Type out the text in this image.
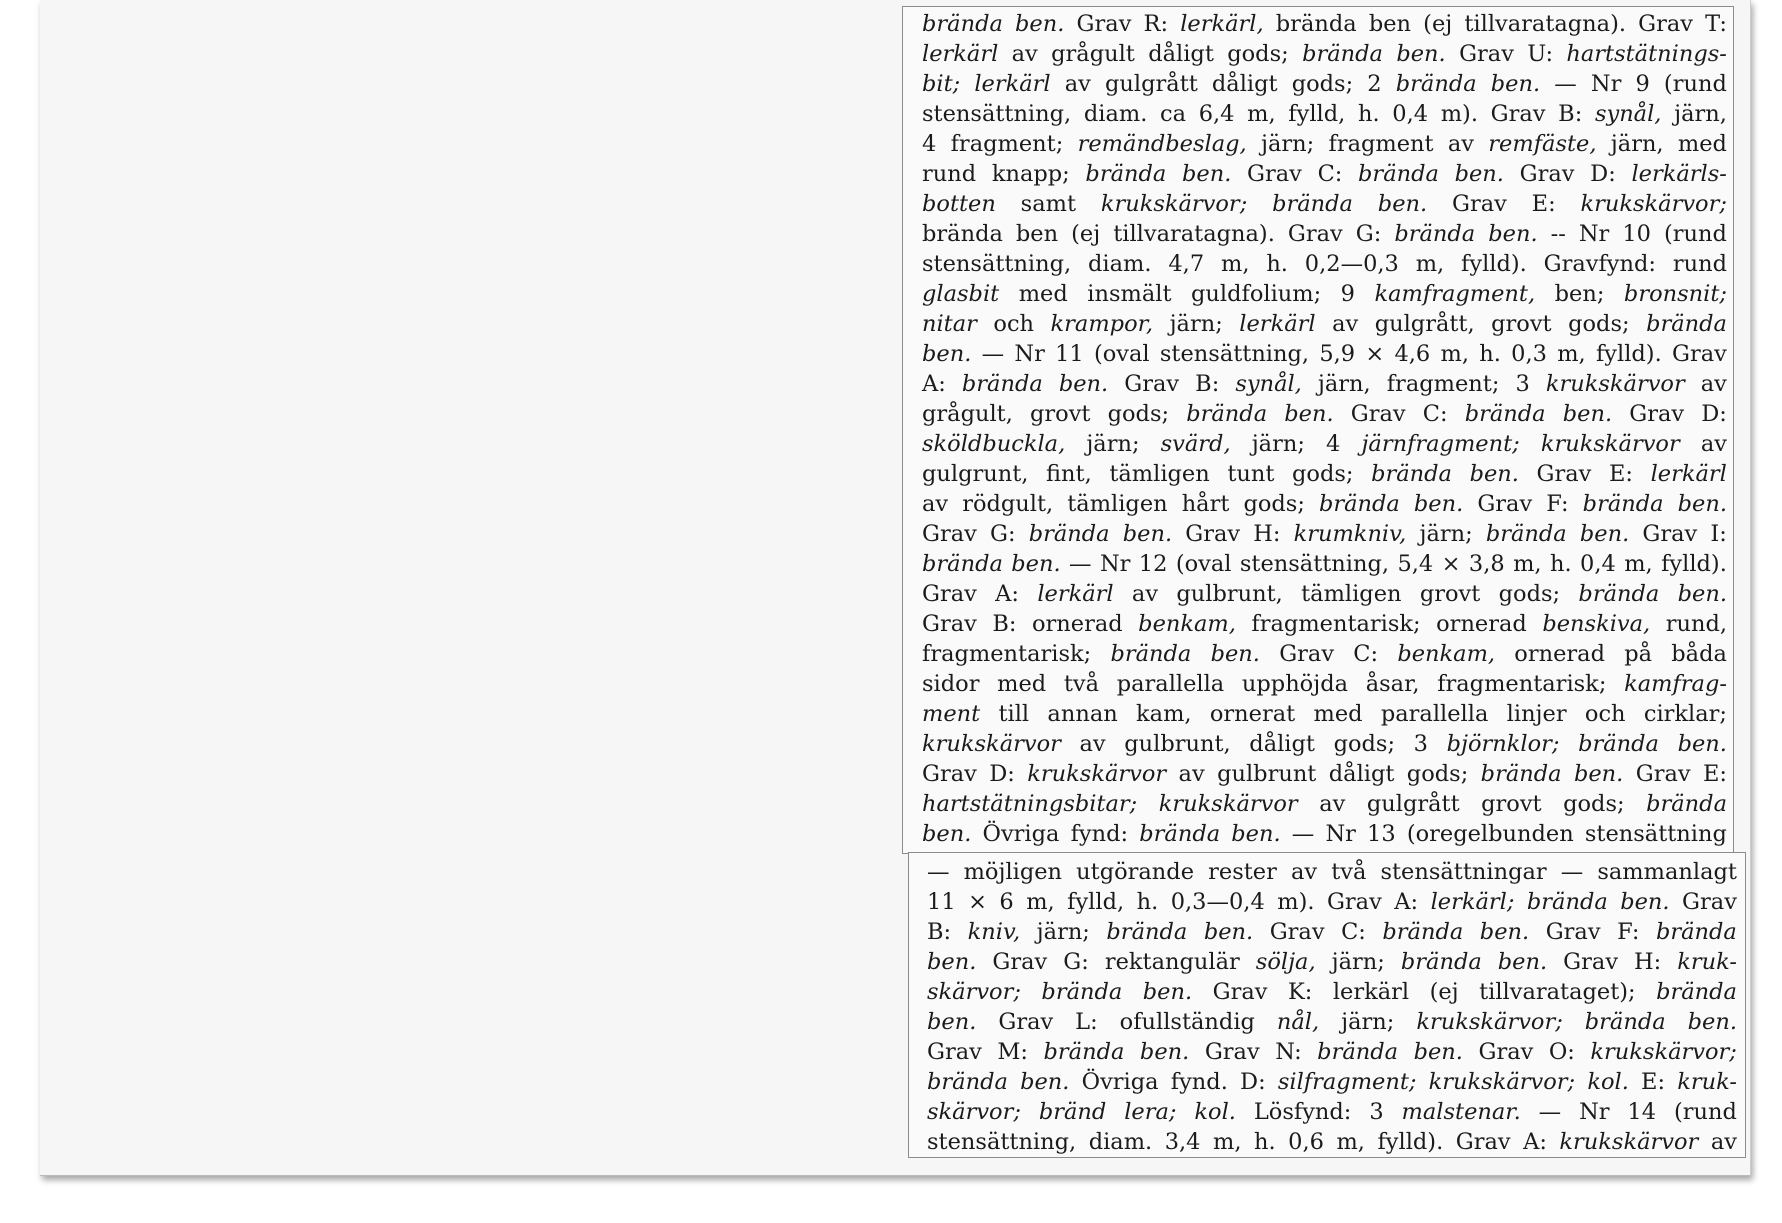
brända ben. Grav R: lerkärl, brända ben (ej tillvaratagna). Grav T:
lerkärl av grågult dåligt gods; brända ben. Grav U: hartstätnings-
bit; lerkärl av gulgrått dåligt gods; 2 brända ben. — Nr 9 (rund
stensättning, diam. ca 6,4 m, fylld, h. 0,4 m). Grav B: synål, järn,
4 fragment; remändbeslag, järn; fragment av remfäste, järn, med
rund knapp; brända ben. Grav C: brända ben. Grav D: lerkärls-
botten samt krukskärvor; brända ben. Grav E: krukskärvor;
brända ben (ej tillvaratagna). Grav G: brända ben. -- Nr 10 (rund
stensättning, diam. 4,7 m, h. 0,2—0,3 m, fylld). Gravfynd: rund
glasbit med insmält guldfolium; 9 kamfragment, ben; bronsnit;
nitar och krampor, järn; lerkärl av gulgrått, grovt gods; brända
ben. — Nr 11 (oval stensättning, 5,9 × 4,6 m, h. 0,3 m, fylld). Grav
A: brända ben. Grav B: synål, järn, fragment; 3 krukskärvor av
grågult, grovt gods; brända ben. Grav C: brända ben. Grav D:
sköldbuckla, järn; svärd, järn; 4 järnfragment; krukskärvor av
gulgrunt, fint, tämligen tunt gods; brända ben. Grav E: lerkärl
av rödgult, tämligen hårt gods; brända ben. Grav F: brända ben.
Grav G: brända ben. Grav H: krumkniv, järn; brända ben. Grav I:
brända ben. — Nr 12 (oval stensättning, 5,4 × 3,8 m, h. 0,4 m, fylld).
Grav A: lerkärl av gulbrunt, tämligen grovt gods; brända ben.
Grav B: ornerad benkam, fragmentarisk; ornerad benskiva, rund,
fragmentarisk; brända ben. Grav C: benkam, ornerad på båda
sidor med två parallella upphöjda åsar, fragmentarisk; kamfrag-
ment till annan kam, ornerat med parallella linjer och cirklar;
krukskärvor av gulbrunt, dåligt gods; 3 björnklor; brända ben.
Grav D: krukskärvor av gulbrunt dåligt gods; brända ben. Grav E:
hartstätningsbitar; krukskärvor av gulgrått grovt gods; brända
ben. Övriga fynd: brända ben. — Nr 13 (oregelbunden stensättning
— möjligen utgörande rester av två stensättningar — sammanlagt
11 × 6 m, fylld, h. 0,3—0,4 m). Grav A: lerkärl; brända ben. Grav
B: kniv, järn; brända ben. Grav C: brända ben. Grav F: brända
ben. Grav G: rektangulär sölja, järn; brända ben. Grav H: kruk-
skärvor; brända ben. Grav K: lerkärl (ej tillvarataget); brända
ben. Grav L: ofullständig nål, järn; krukskärvor; brända ben.
Grav M: brända ben. Grav N: brända ben. Grav O: krukskärvor;
brända ben. Övriga fynd. D: silfragment; krukskärvor; kol. E: kruk-
skärvor; bränd lera; kol. Lösfynd: 3 malstenar. — Nr 14 (rund
stensättning, diam. 3,4 m, h. 0,6 m, fylld). Grav A: krukskärvor av
